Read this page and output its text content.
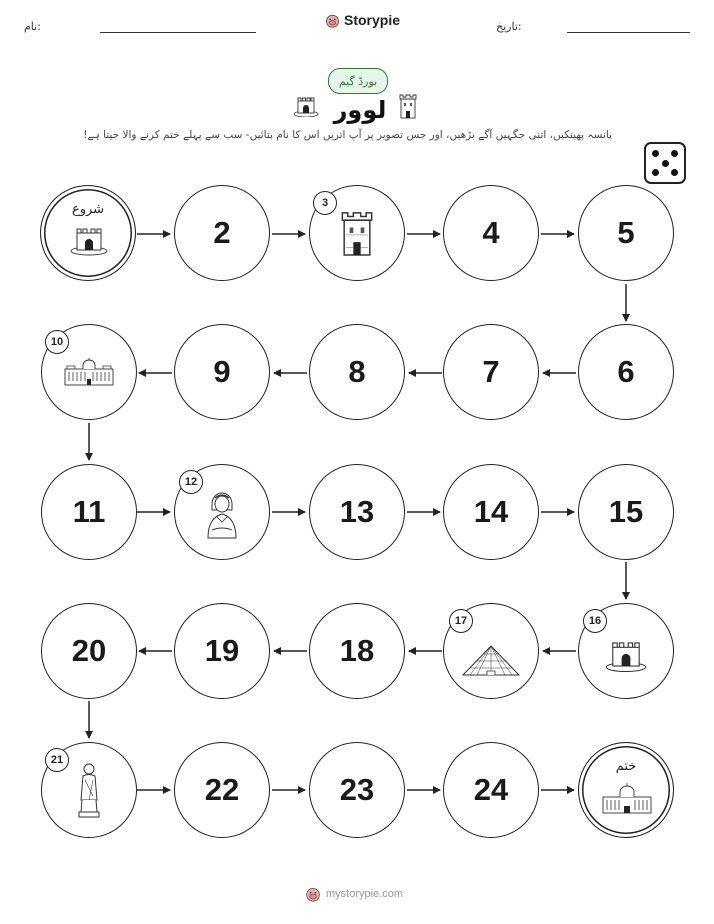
نام:	Storypie	تاریخ:
بورڈ گیم
لوور
پانسہ پھینکیں، اتنی جگہیں آگے بڑھیں، اور جس تصویر پر آپ اتریں اس کا نام بتائیں- سب سے پہلے ختم کرنے والا جیتا ہے!
شروع
2
3
4	5
10
9	8	7	6
11
12
13	14	15
20	19	18
17	16
21
22	23	24
ختم
mystorypie.com
